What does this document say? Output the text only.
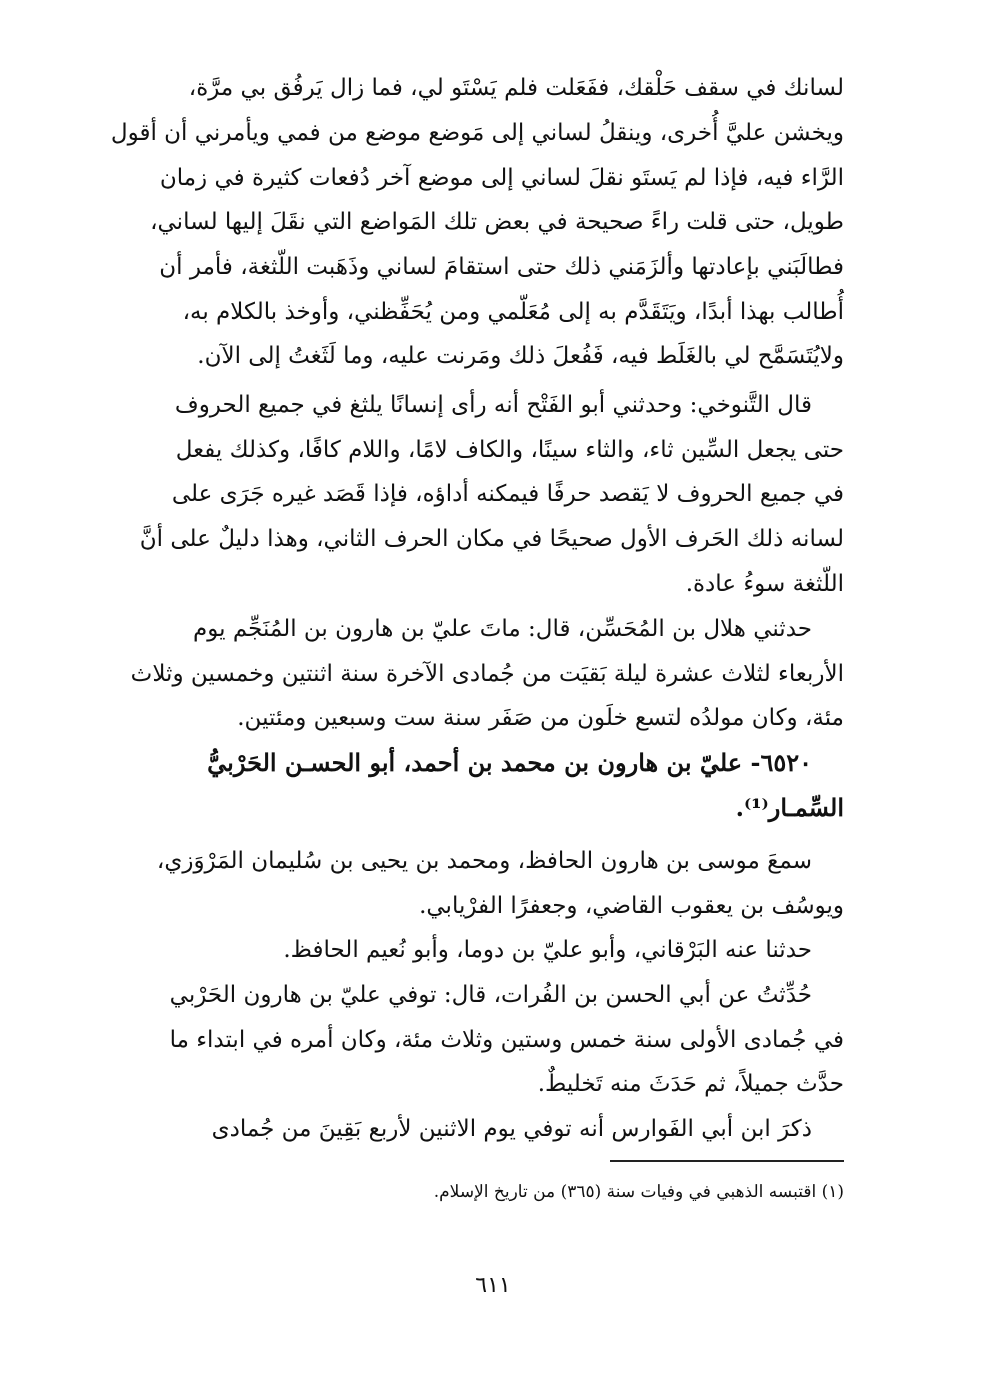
لسانك في سقف حَلْقك، ففَعَلت فلم يَسْتَو لي، فما زال يَرفُق بي مرَّة،
ويخشن عليَّ أُخرى، وينقلُ لساني إلى مَوضع موضع من فمي ويأمرني أن أقول
الرَّاء فيه، فإذا لم يَستَو نقلَ لساني إلى موضع آخر دُفعات كثيرة في زمان
طويل، حتى قلت راءً صحيحة في بعض تلك المَواضع التي نقَلَ إليها لساني،
فطالَبَني بإعادتها وألزَمَني ذلك حتى استقامَ لساني وذَهَبت اللّثغة، فأمر أن
أُطالب بهذا أبدًا، ويَتَقَدَّم به إلى مُعَلّمي ومن يُحَفِّظني، وأوخذ بالكلام به،
ولايُتَسَمَّح لي بالغَلَط فيه، فَفُعلَ ذلك ومَرنت عليه، وما لَثَغتُ إلى الآن.
قال التَّنوخي: وحدثني أبو الفَتْح أنه رأى إنسانًا يلثغ في جميع الحروف
حتى يجعل السِّين ثاء، والثاء سينًا، والكاف لامًا، واللام كافًا، وكذلك يفعل
في جميع الحروف لا يَقصد حرفًا فيمكنه أداؤه، فإذا قَصَد غيره جَرَى على
لسانه ذلك الحَرف الأول صحيحًا في مكان الحرف الثاني، وهذا دليلٌ على أنَّ
اللّثغة سوءُ عادة.
حدثني هلال بن المُحَسِّن، قال: ماتَ عليّ بن هارون بن المُنَجِّم يوم
الأربعاء لثلاث عشرة ليلة بَقيَت من جُمادى الآخرة سنة اثنتين وخمسين وثلاث
مئة، وكان مولدُه لتسع خلَون من صَفَر سنة ست وسبعين ومئتين.
٦٥٢٠- عليّ بن هارون بن محمد بن أحمد، أبو الحسـن الحَرْبيُّ
السِّمـار⁽¹⁾.
سمعَ موسى بن هارون الحافظ، ومحمد بن يحيى بن سُليمان المَرْوَزي،
ويوسُف بن يعقوب القاضي، وجعفرًا الفرْيابي.
حدثنا عنه البَرْقاني، وأبو عليّ بن دوما، وأبو نُعيم الحافظ.
حُدِّثتُ عن أبي الحسن بن الفُرات، قال: توفي عليّ بن هارون الحَرْبي
في جُمادى الأولى سنة خمس وستين وثلاث مئة، وكان أمره في ابتداء ما
حدَّث جميلاً، ثم حَدَثَ منه تَخليطٌ.
ذكرَ ابن أبي الفَوارس أنه توفي يوم الاثنين لأربع بَقِينَ من جُمادى
(١) اقتبسه الذهبي في وفيات سنة (٣٦٥) من تاريخ الإسلام.
٦١١
